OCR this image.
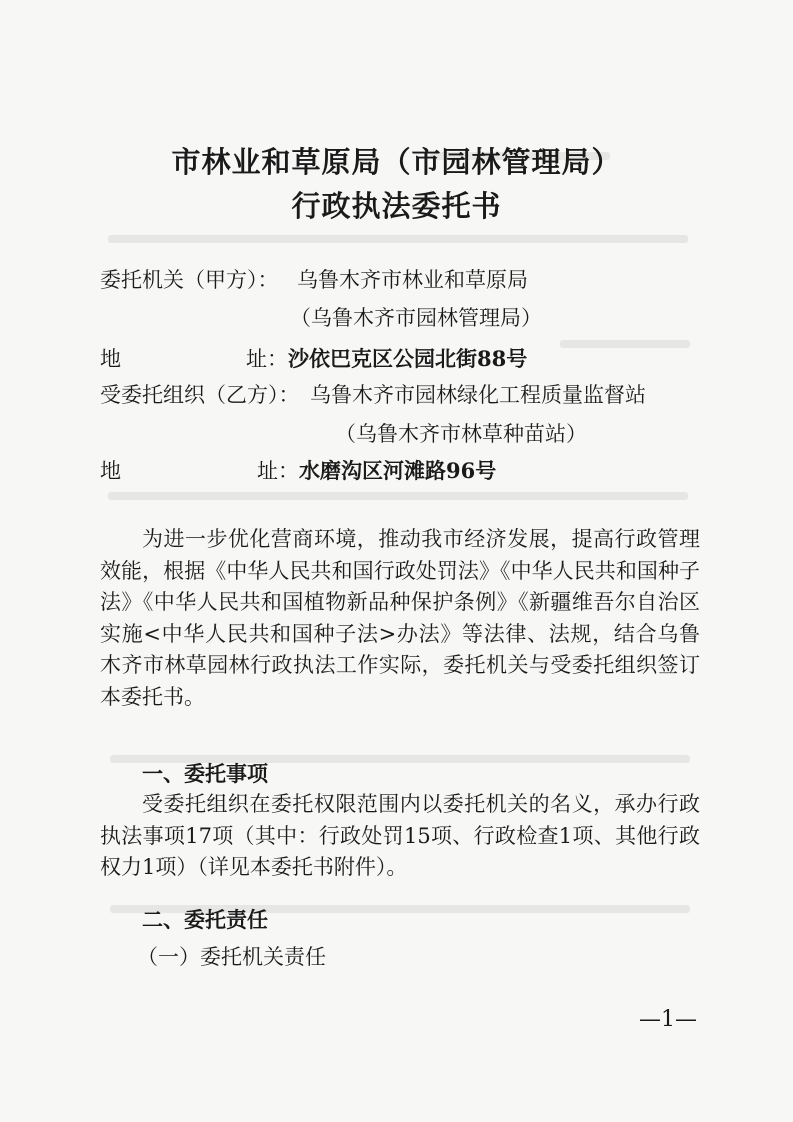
市林业和草原局（市园林管理局）
行政执法委托书
委托机关（甲方）： 乌鲁木齐市林业和草原局
（乌鲁木齐市园林管理局）
地	址： 沙依巴克区公园北街88号
受委托组织（乙方）： 乌鲁木齐市园林绿化工程质量监督站
（乌鲁木齐市林草种苗站）
地	址： 水磨沟区河滩路96号

为进一步优化营商环境，推动我市经济发展，提高行政管理效能，根据《中华人民共和国行政处罚法》《中华人民共和国种子法》《中华人民共和国植物新品种保护条例》《新疆维吾尔自治区实施<中华人民共和国种子法>办法》等法律、法规，结合乌鲁木齐市林草园林行政执法工作实际，委托机关与受委托组织签订本委托书。

一、委托事项

受委托组织在委托权限范围内以委托机关的名义，承办行政执法事项17项（其中：行政处罚15项、行政检查1项、其他行政权力1项）（详见本委托书附件）。

二、委托责任
（一）委托机关责任
—1—
